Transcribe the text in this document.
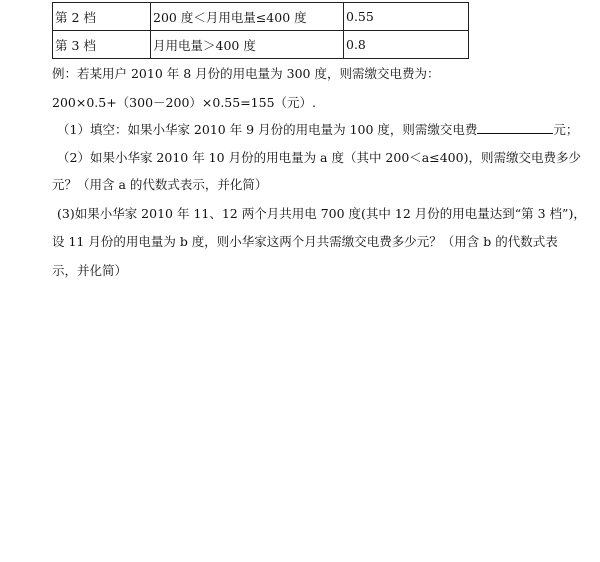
第 2 档	200 度＜月用电量≤400 度	0.55
第 3 档	月用电量＞400 度	0.8
例：若某用户 2010 年 8 月份的用电量为 300 度，则需缴交电费为：
200×0.5+（300－200）×0.55=155（元）.
（1）填空：如果小华家 2010 年 9 月份的用电量为 100 度，则需缴交电费	元；
（2）如果小华家 2010 年 10 月份的用电量为 a 度（其中 200＜a≤400)，则需缴交电费多少
元？（用含 a 的代数式表示，并化简）
(3)如果小华家 2010 年 11、12 两个月共用电 700 度(其中 12 月份的用电量达到“第 3 档”)，
设 11 月份的用电量为 b 度，则小华家这两个月共需缴交电费多少元？（用含 b 的代数式表
示，并化简）
